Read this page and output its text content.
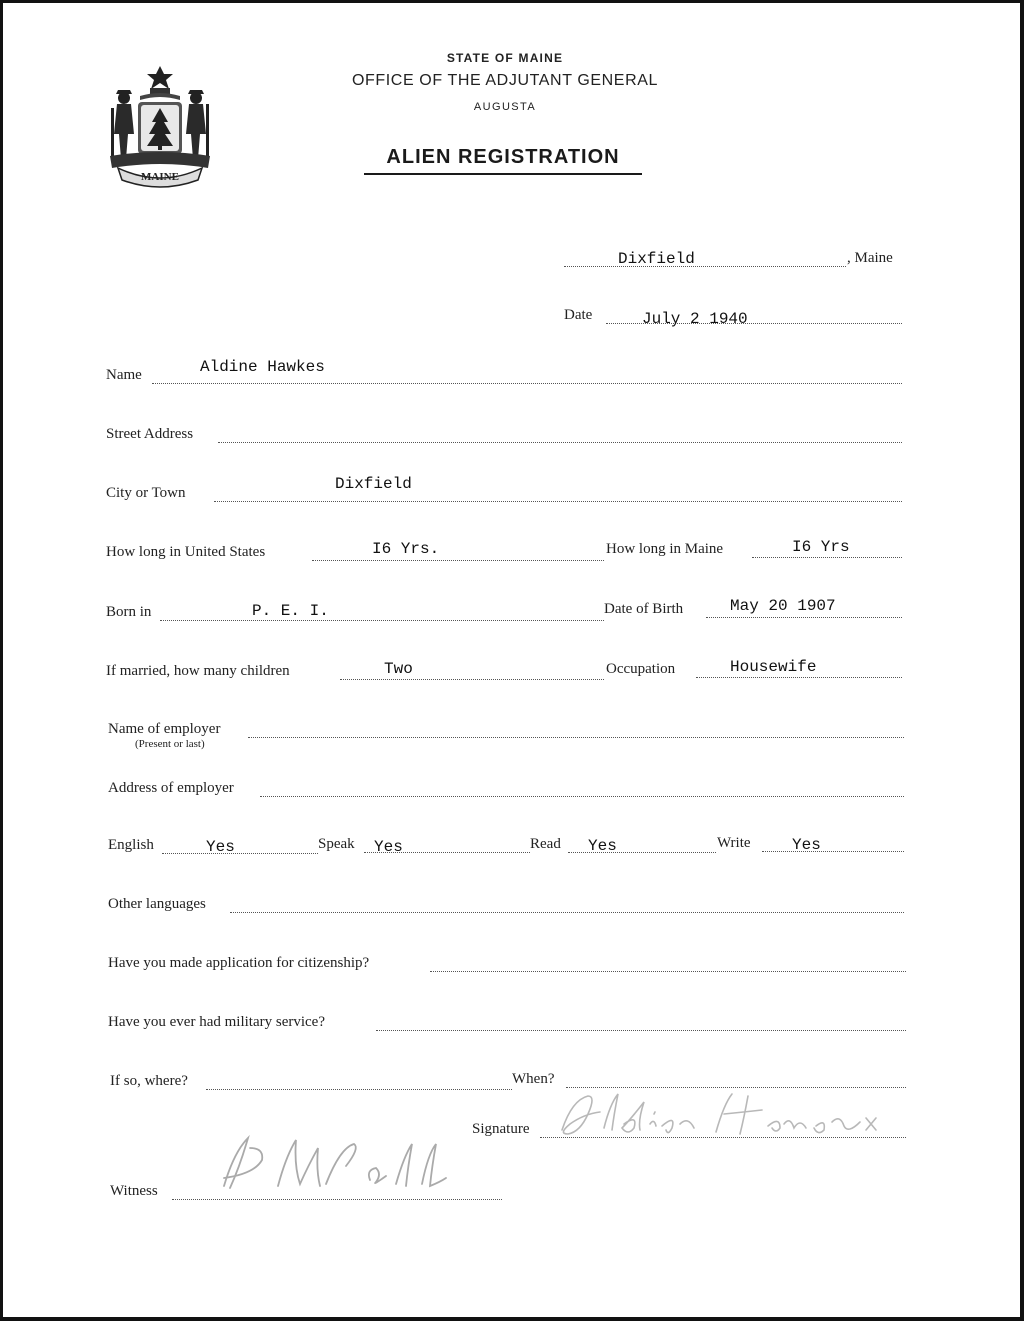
MAINE
STATE OF MAINE
OFFICE OF THE ADJUTANT GENERAL
AUGUSTA
ALIEN REGISTRATION
Dixfield	, Maine
Date	July 2 1940
Name	Aldine Hawkes
Street Address
City or Town	Dixfield
How long in United States	I6 Yrs.	How long in Maine	I6 Yrs
Born in	P. E. I.	Date of Birth	May 20 1907
If married, how many children	Two	Occupation	Housewife
Name of employer
(Present or last)
Address of employer
English	Yes	Speak Yes	Read Yes	Write	Yes
Other languages
Have you made application for citizenship?
Have you ever had military service?
If so, where?	When?
Signature
Witness
